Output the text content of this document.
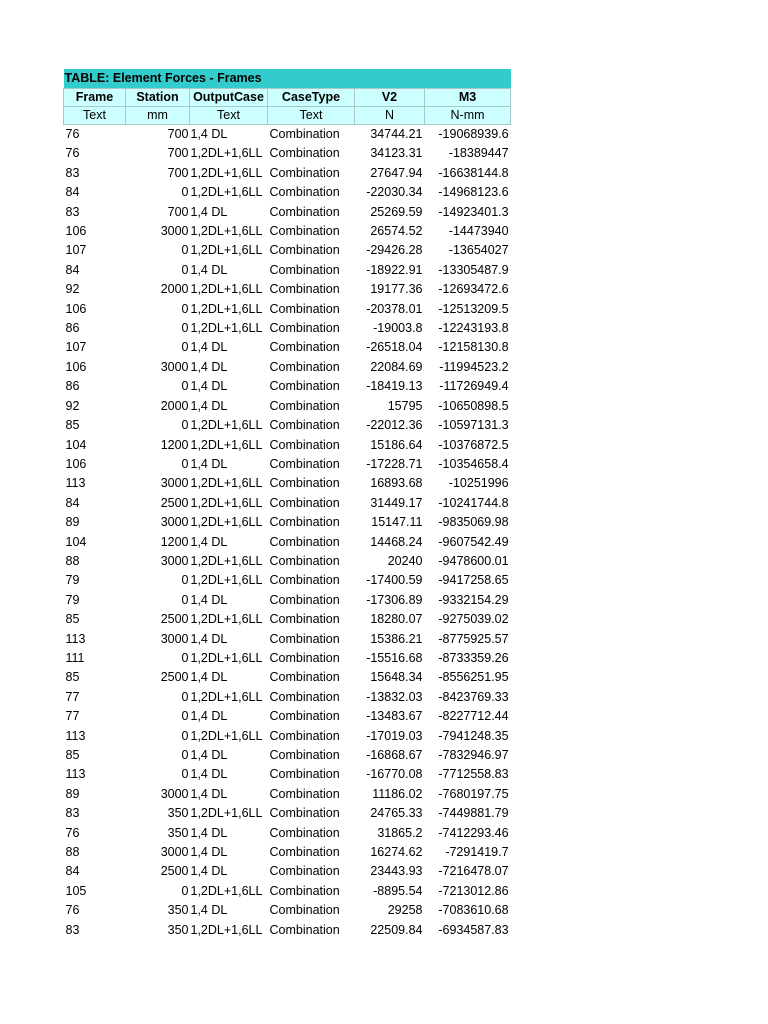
TABLE: Element Forces - Frames					
Frame	Station	OutputCase	CaseType	V2	M3
Text	mm	Text	Text	N	N-mm
76	700	1,4 DL	Combination	34744.21	-19068939.6
76	700	1,2DL+1,6LL	Combination	34123.31	-18389447
83	700	1,2DL+1,6LL	Combination	27647.94	-16638144.8
84	0	1,2DL+1,6LL	Combination	-22030.34	-14968123.6
83	700	1,4 DL	Combination	25269.59	-14923401.3
106	3000	1,2DL+1,6LL	Combination	26574.52	-14473940
107	0	1,2DL+1,6LL	Combination	-29426.28	-13654027
84	0	1,4 DL	Combination	-18922.91	-13305487.9
92	2000	1,2DL+1,6LL	Combination	19177.36	-12693472.6
106	0	1,2DL+1,6LL	Combination	-20378.01	-12513209.5
86	0	1,2DL+1,6LL	Combination	-19003.8	-12243193.8
107	0	1,4 DL	Combination	-26518.04	-12158130.8
106	3000	1,4 DL	Combination	22084.69	-11994523.2
86	0	1,4 DL	Combination	-18419.13	-11726949.4
92	2000	1,4 DL	Combination	15795	-10650898.5
85	0	1,2DL+1,6LL	Combination	-22012.36	-10597131.3
104	1200	1,2DL+1,6LL	Combination	15186.64	-10376872.5
106	0	1,4 DL	Combination	-17228.71	-10354658.4
113	3000	1,2DL+1,6LL	Combination	16893.68	-10251996
84	2500	1,2DL+1,6LL	Combination	31449.17	-10241744.8
89	3000	1,2DL+1,6LL	Combination	15147.11	-9835069.98
104	1200	1,4 DL	Combination	14468.24	-9607542.49
88	3000	1,2DL+1,6LL	Combination	20240	-9478600.01
79	0	1,2DL+1,6LL	Combination	-17400.59	-9417258.65
79	0	1,4 DL	Combination	-17306.89	-9332154.29
85	2500	1,2DL+1,6LL	Combination	18280.07	-9275039.02
113	3000	1,4 DL	Combination	15386.21	-8775925.57
111	0	1,2DL+1,6LL	Combination	-15516.68	-8733359.26
85	2500	1,4 DL	Combination	15648.34	-8556251.95
77	0	1,2DL+1,6LL	Combination	-13832.03	-8423769.33
77	0	1,4 DL	Combination	-13483.67	-8227712.44
113	0	1,2DL+1,6LL	Combination	-17019.03	-7941248.35
85	0	1,4 DL	Combination	-16868.67	-7832946.97
113	0	1,4 DL	Combination	-16770.08	-7712558.83
89	3000	1,4 DL	Combination	11186.02	-7680197.75
83	350	1,2DL+1,6LL	Combination	24765.33	-7449881.79
76	350	1,4 DL	Combination	31865.2	-7412293.46
88	3000	1,4 DL	Combination	16274.62	-7291419.7
84	2500	1,4 DL	Combination	23443.93	-7216478.07
105	0	1,2DL+1,6LL	Combination	-8895.54	-7213012.86
76	350	1,4 DL	Combination	29258	-7083610.68
83	350	1,2DL+1,6LL	Combination	22509.84	-6934587.83
